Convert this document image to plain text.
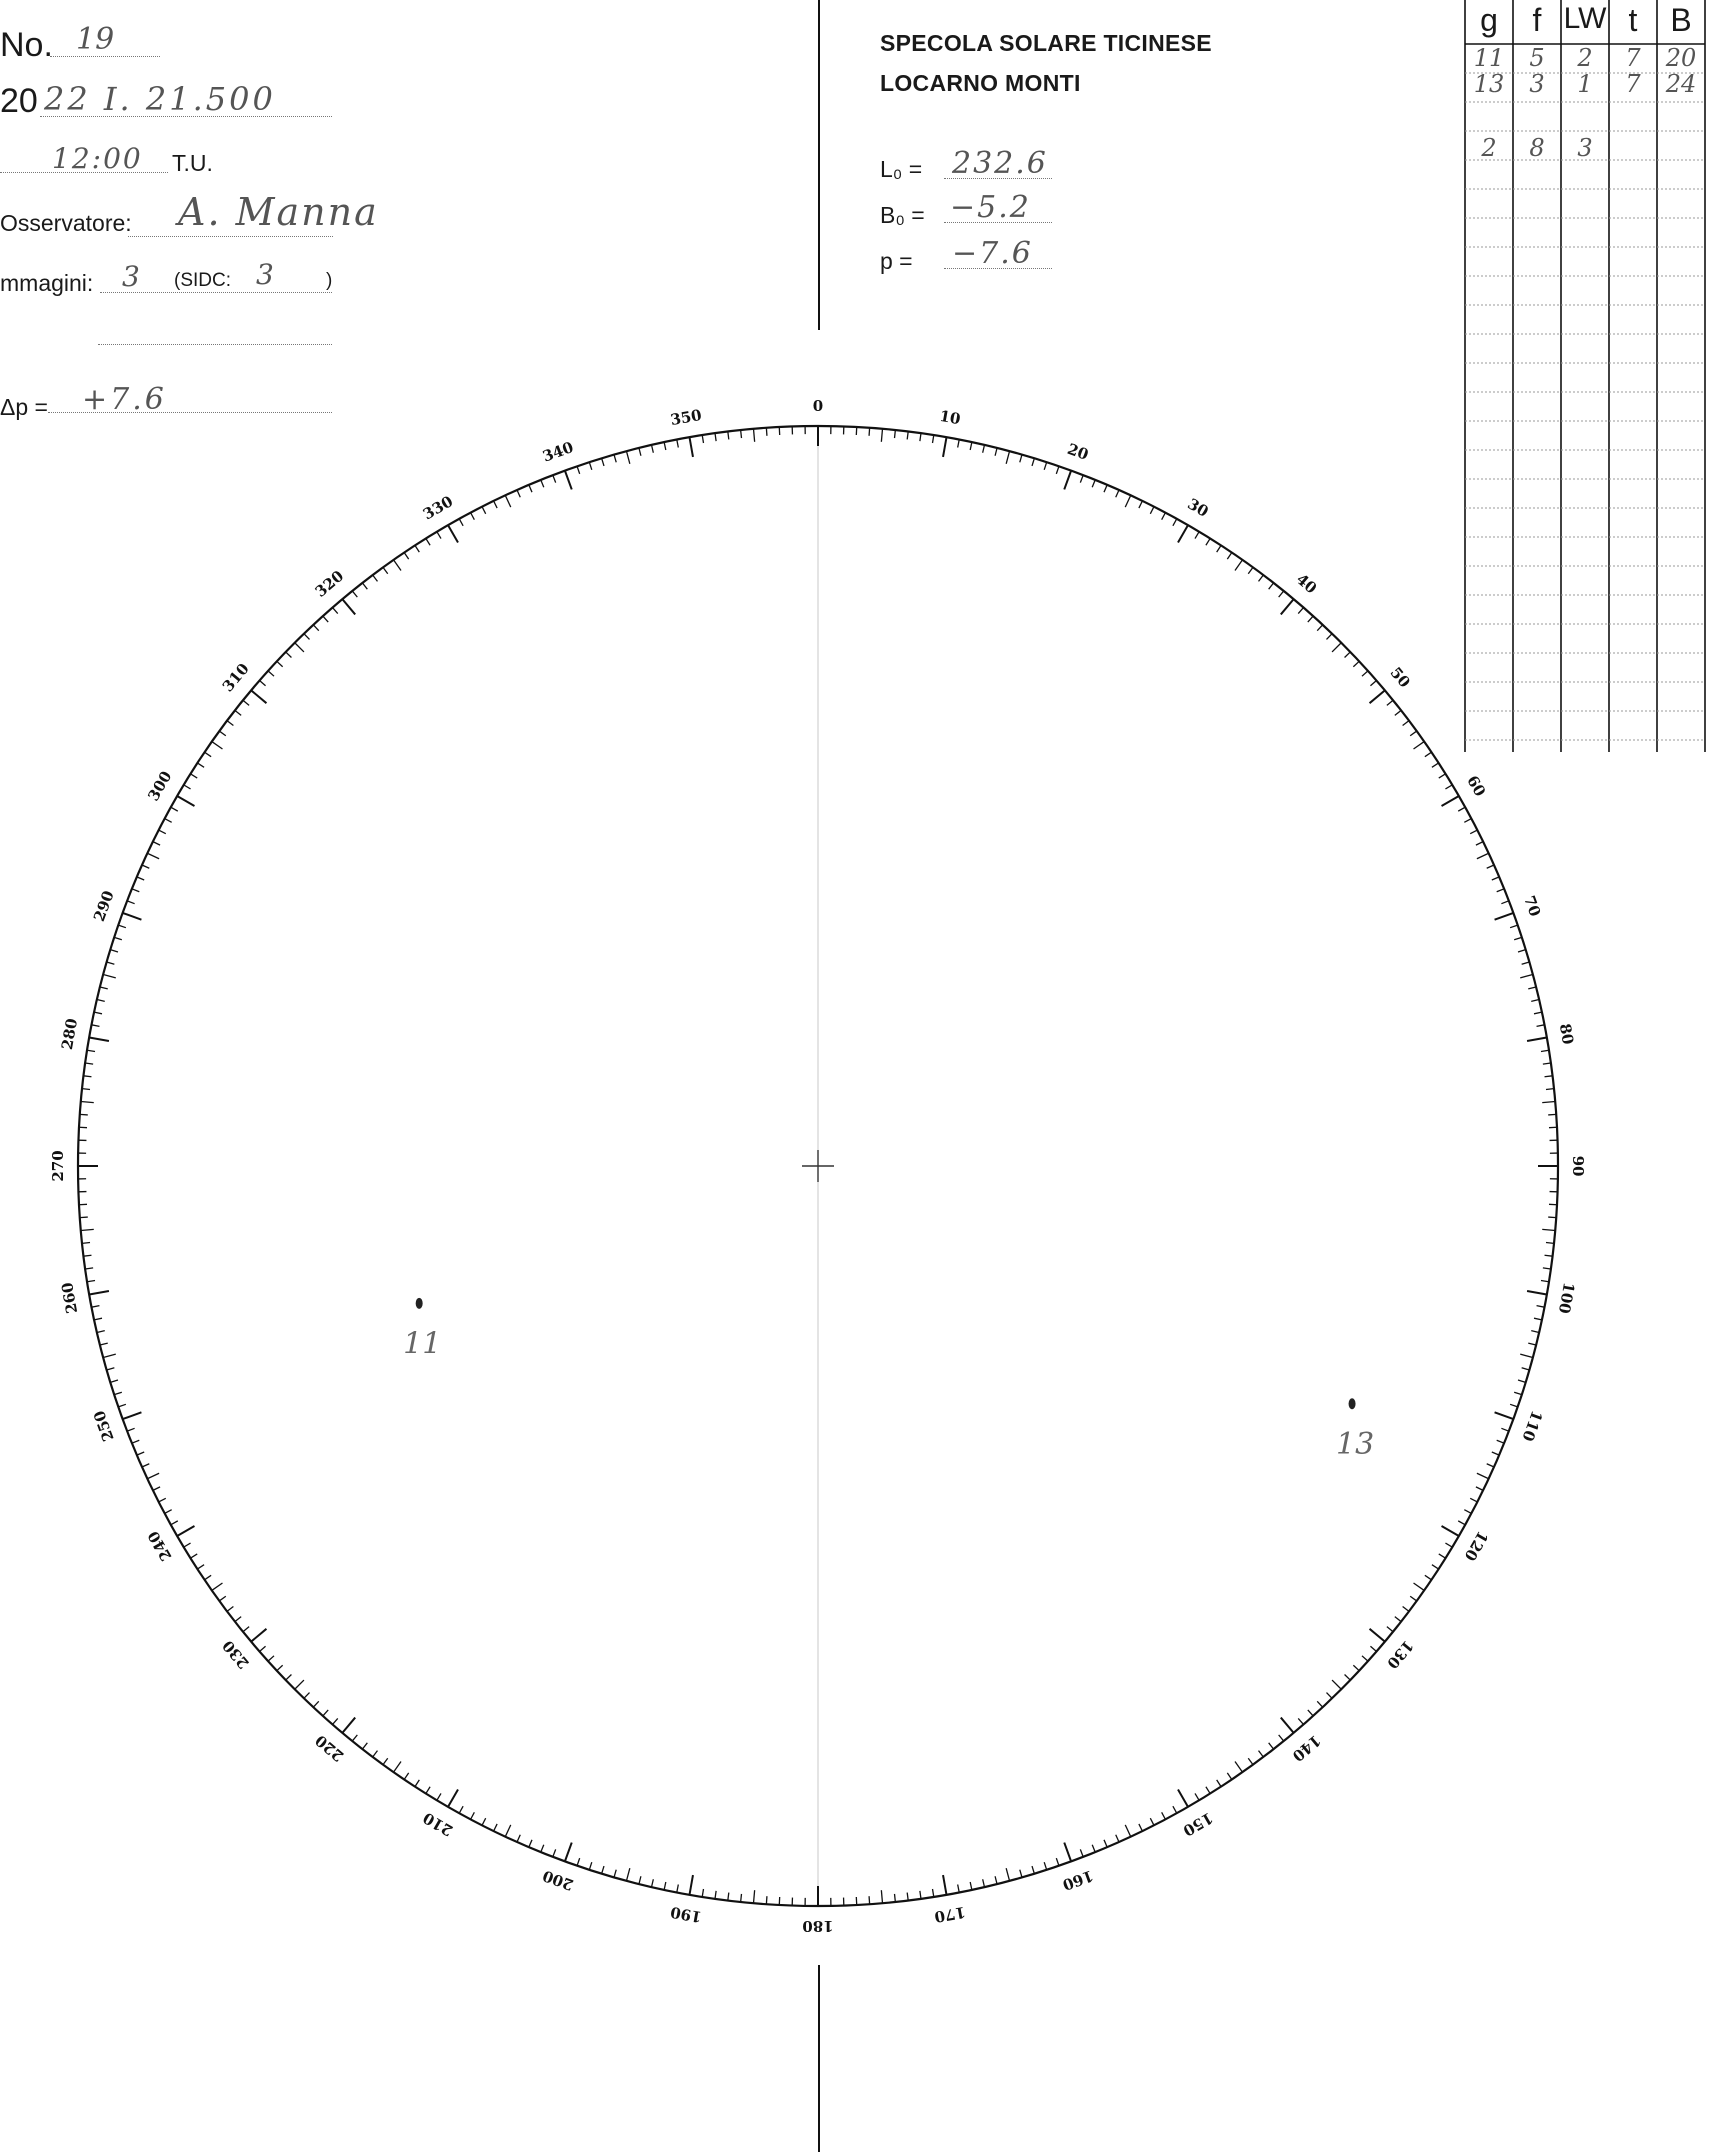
No. 19
20 22 I. 21.500
12:00 T.U.
Osservatore: A. Manna
mmagini: 3 (SIDC: 3	)
Δp = +7.6
SPECOLA SOLARE TICINESE
LOCARNO MONTI
L₀ = 232.6
B₀ = −5.2
p = −7.6
g	f LW t	B
11	5	2	7	20
13	3	1	7	24
2	8	3
0
10
20
30
40
50
60
70
80
90
100
110
120
130
140
150
160
170
180
190
200
210
220
230
240
250
260
270
280
290
300
310
320
330
340
350
11
13
